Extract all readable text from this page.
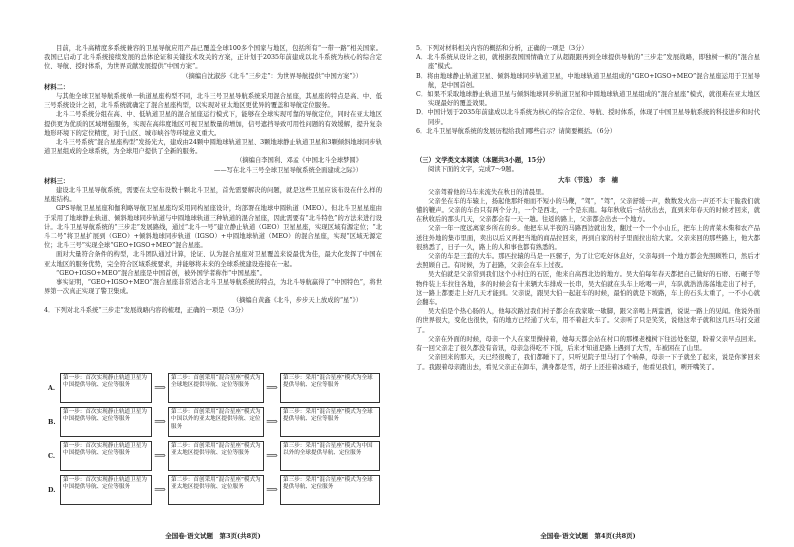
目前，北斗高精度多系统兼容的卫星导航应用产品已覆盖全球100多个国家与地区，包括所有“一带一路”相关国家。我国已启动了北斗系统接续发展的总体论证和关键技术攻关的方案，正计划于2035年前建成以北斗系统为核心的综合定位、导航、授时体系，为世界贡献发展提供“中国方案”。

（摘编自沈淑莎《北斗“三步走”：为世界导航提供“中国方案”》）

材料二：

与其他全球卫星导航系统单一轨道星座构型不同，北斗三号卫星导航系统采用混合星座，其星座的特点是高、中、低三号系统设计之初，北斗系统就确定了混合星座构型，以实现对亚太地区更优异的覆盖和导航定位服务。

北斗二号系统分组在高、中、低轨道卫星的混合星座运行模式下，能够在全球实现可靠的导航定位，同时在亚太地区提供更为优质的区域增强服务，实现在高纬度地区可视卫星数量的增加，信号遮挡导致可用性问题的有效缓解，提升复杂地形环境下的定位精度，对于山区、城市峡谷等环境意义重大。

北斗三号系统“混合星座构型”发扬光大，建成由24颗中圆地球轨道卫星、3颗地球静止轨道卫星和3颗倾斜地球同步轨道卫星组成的全球系统，为全球用户提供了全新的服务。

（摘编自李国利、邓孟《中国北斗全球梦圆》

——写在北斗三号全球卫星导航系统全面建成之际》）

材料三：

建设北斗卫星导航系统，需要在太空布设数十颗北斗卫星，首先需要解决的问题，就是这些卫星应该布设在什么样的星座结构。

GPS导航卫星星座和伽利略导航卫星星座均采用同构星座设计，均部署在地球中圆轨道（MEO）。但北斗卫星星座由于采用了地球静止轨道、倾斜地球同步轨道与中圆地球轨道三种轨道的混合星座，因此需要有“北斗特色”的方法来进行设计。北斗卫星导航系统的“三步走”发展路线，通过“北斗一号”建立静止轨道（GEO）卫星星座，实现区域有源定位；“北斗二号”将卫星扩展到（GEO）+倾斜地球同步轨道（IGSO）+中圆地球轨道（MEO）的混合星座，实现“区域无源定位；北斗三号”实现全球“GEO+IGSO+MEO”混合星座。

面对大量符合条件的构型，北斗团队通过计算，论证、认为混合星座对卫星覆盖来说最优为佳，最大化发挥了中国在亚太地区的服务优势，完全符合区域系统要求，并能够将未来的全球系统建设连接在一起。

“GEO+IGSO+MEO”混合星座是中国首创，被外国学者称作“中国星座”。

事实证明，“GEO+IGSO+MEO”混合星座非常适合北斗卫星导航系统的特点，为北斗导航赢得了“中国特色”，将世界第一次真正实现了警卫集成。

（摘编自黄鑫《北斗，步步天上放成的“星”》）

4．下列对北斗系统“三步走”发展战略内容的梳理，正确的一项是（3分）

A.
第一步：首次实现静止轨道卫星为中国提供导航、定位等服务	⟹
第二步：首创采用“混合星座”模式为全球地区提供导航、定位等服务	⟹
第三步：采用“混合星座”模式为全球提供导航、定位等服务
B.
第一步：首次实现静止轨道卫星为中国提供导航、定位等服务	⟹
第二步：首创采用“混合星座”模式为中国以外的亚太地区提供导航、定位服务
⟹
第三步：采用“混合星座”模式为全球提供导航、定位等服务
C.
第一步：首次实现静止轨道卫星为中国提供导航、定位等服务	⟹
第二步：首创采用“混合星座”模式为亚太地区提供导航、定位等服务	⟹
第三步：采用“混合星座”模式为中国以外的全球提供导航、定位服务
D.
第一步：首次实现静止轨道卫星为中国提供导航、定位等服务	⟹
第二步：首创采用“混合星座”模式为亚太地区提供导航、定位服务	⟹
第三步：采用“混合星座”模式为全球提供导航、定位服务
全国卷·语文试题　第3页(共8页)

5．下列对材料相关内容的概括和分析，正确的一项是（3分）

A．北斗系统从设计之初，就根据我国国情确立了从超跟跟再到全球提供导航的“三步走”发展战略，即独树一帜的“混合星座”模式。

B．将由地球静止轨道卫星、倾斜地球同步轨道卫星，中地球轨道卫星组成的“GEO+IGSO+MEO”混合星座运用于卫星导航，是中国首创。

C．如果不采取地球静止轨道卫星与倾斜地球同步轨道卫星和中圆地球轨道卫星组成的“混合星座”模式，就很难在亚太地区实现最好的覆盖效果。

D．中国计划于2035年前建成以北斗系统为核心的综合定位、导航、授时体系，体现了中国卫星导航系统的科技进步和时代同步。

6．北斗卫星导航系统的发展历程给我们哪些启示？请简要概括。（6分）

（三）文学类文本阅读（本题共3小题，15分）

阅读下面的文字，完成7～9题。

大车（节选）　李　楠

父亲驾着他的马车来流失在秋日的清晨里。

父亲坐在车的车辕上，扬起他那纤细而不短小的马鞭，“驾”，“驾”，父亲舒缓一声，数数发火出一声还不太干脆我们就懂的鞭声。父亲的车台只有两个分力，一个是西北，一个是东南。每年秋收后一结伙出去，直到来年春天的时候才回来，就在秋收后的那头几天，父亲都会有一天一趟。往返的路上，父亲都会出去一个地方。

父亲一年一度远离家乡所在的乡。他把车从半夜的马路西边就出发，翻过一个一个小山丘，把车上的青菜木柴和农产品送往外地的集市里面，卖出以后又再把当地的商品拉回来，再到自家的村子里面拉出给大家。父亲来回的那些路上，他大都很熟悉了，日子一久，路上的人和事也都有熟悉的。

父亲的车是三套的大车。那匹拉辕的马是一匹骡子，为了让它吃好休息好，父亲每到一个地方都会先照顾牲口，然后才去照顾自己。有时候，为了赶路，父亲会在车上过夜。

吴大伯就是父亲常到我们这个小村庄的石匠，他来自高西北边的地方。吴大伯每年春天都把自己做好的石磨、石碾子等物件装上车拉往各地，多的时候会有十来辆大车排成一长串，吴大伯就在头车上吆喝一声，车队就浩浩荡荡地走出了村子，这一路上都要走上好几天才能到。父亲说，跟吴大伯一起赶车的时候，最怕的就是下坡路，车上的石头太重了，一不小心就会翻车。

吴大伯是个热心肠的人，他每次路过我们村子都会在我家歇一歇脚，跟父亲喝上两盅酒，说说一路上的见闻。他说外面的世界很大，变化也很快，有的地方已经通了火车，用不着赶大车了。父亲听了只是笑笑，说他这辈子就和这几匹马打交道了。

父亲在外面的时候，母亲一个人在家里操持着，她每天都会站在村口的那棵老槐树下往远处张望，盼着父亲早点回来。有一回父亲走了很久都没有音讯，母亲急得吃不下饭，后来才知道是路上遇到了大雪，车被困在了山里。

父亲回来的那天，天已经很晚了，我们都睡下了，只听见院子里马打了个响鼻，母亲一下子就坐了起来，说是你爹回来了。我跟着母亲跑出去，看见父亲正在卸车，满身都是雪，胡子上还挂着冰碴子，他看见我们，咧开嘴笑了。

全国卷·语文试题　第4页(共8页)
